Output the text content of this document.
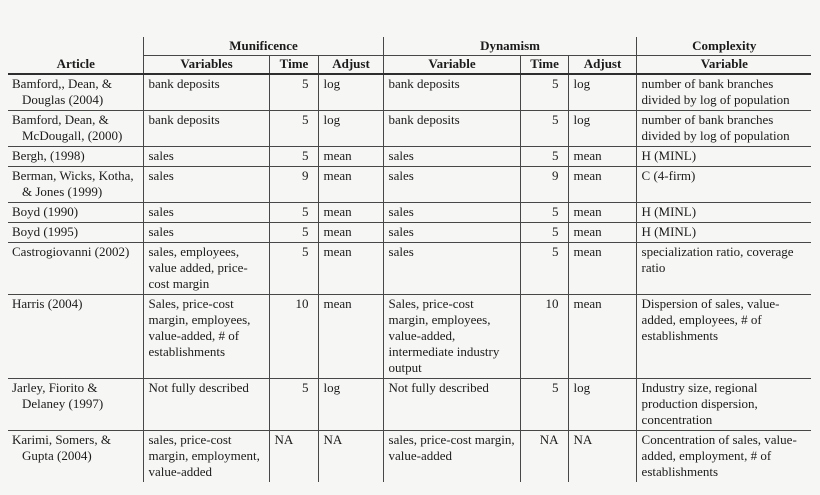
	Munificence			Dynamism			Complexity
Article	Variables	Time	Adjust	Variable	Time	Adjust	Variable
Bamford,, Dean, & Douglas (2004)	bank deposits	5	log	bank deposits	5	log	number of bank branches divided by log of population
Bamford, Dean, & McDougall, (2000)	bank deposits	5	log	bank deposits	5	log	number of bank branches divided by log of population
Bergh, (1998)	sales	5	mean	sales	5	mean	H (MINL)
Berman, Wicks, Kotha, & Jones (1999)	sales	9	mean	sales	9	mean	C (4-firm)
Boyd (1990)	sales	5	mean	sales	5	mean	H (MINL)
Boyd (1995)	sales	5	mean	sales	5	mean	H (MINL)
Castrogiovanni (2002)	sales, employees, value added, price-cost margin	5	mean	sales	5	mean	specialization ratio, coverage ratio
Harris (2004)	Sales, price-cost margin, employees, value-added, # of establishments	10	mean	Sales, price-cost margin, employees, value-added, intermediate industry output	10	mean	Dispersion of sales, value-added, employees, # of establishments
Jarley, Fiorito & Delaney (1997)	Not fully described	5	log	Not fully described	5	log	Industry size, regional production dispersion, concentration
Karimi, Somers, & Gupta (2004)	sales, price-cost margin, employment, value-added	NA	NA	sales, price-cost margin, value-added	NA	NA	Concentration of sales, value-added, employment, # of establishments
